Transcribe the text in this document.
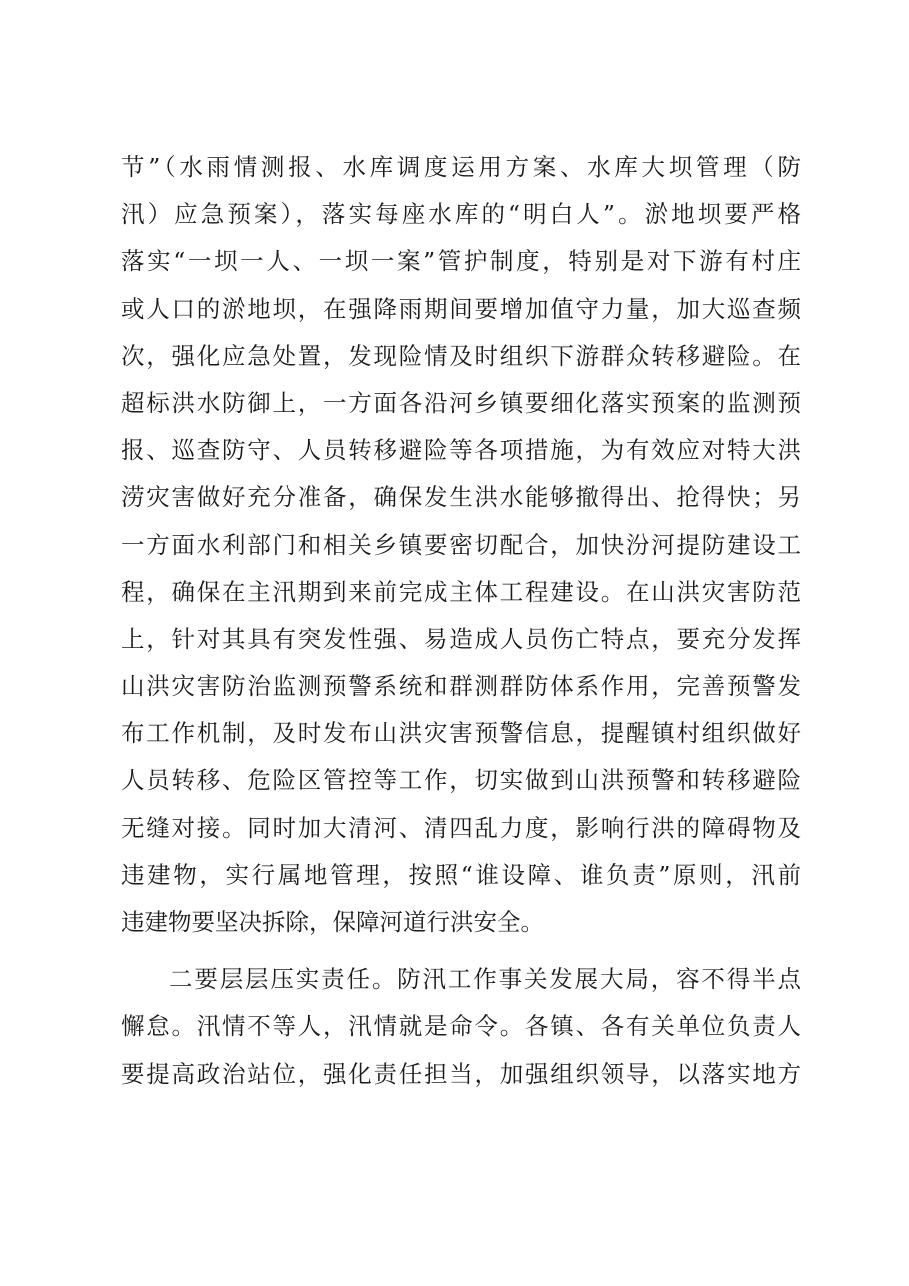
节”（水雨情测报、水库调度运用方案、水库大坝管理（防
汛）应急预案），落实每座水库的“明白人”。淤地坝要严格
落实“一坝一人、一坝一案”管护制度，特别是对下游有村庄
或人口的淤地坝，在强降雨期间要增加值守力量，加大巡查频
次，强化应急处置，发现险情及时组织下游群众转移避险。在
超标洪水防御上，一方面各沿河乡镇要细化落实预案的监测预
报、巡查防守、人员转移避险等各项措施，为有效应对特大洪
涝灾害做好充分准备，确保发生洪水能够撤得出、抢得快；另
一方面水利部门和相关乡镇要密切配合，加快汾河提防建设工
程，确保在主汛期到来前完成主体工程建设。在山洪灾害防范
上，针对其具有突发性强、易造成人员伤亡特点，要充分发挥
山洪灾害防治监测预警系统和群测群防体系作用，完善预警发
布工作机制，及时发布山洪灾害预警信息，提醒镇村组织做好
人员转移、危险区管控等工作，切实做到山洪预警和转移避险
无缝对接。同时加大清河、清四乱力度，影响行洪的障碍物及
违建物，实行属地管理，按照“谁设障、谁负责”原则，汛前
违建物要坚决拆除，保障河道行洪安全。
二要层层压实责任。防汛工作事关发展大局，容不得半点
懈怠。汛情不等人，汛情就是命令。各镇、各有关单位负责人
要提高政治站位，强化责任担当，加强组织领导，以落实地方
